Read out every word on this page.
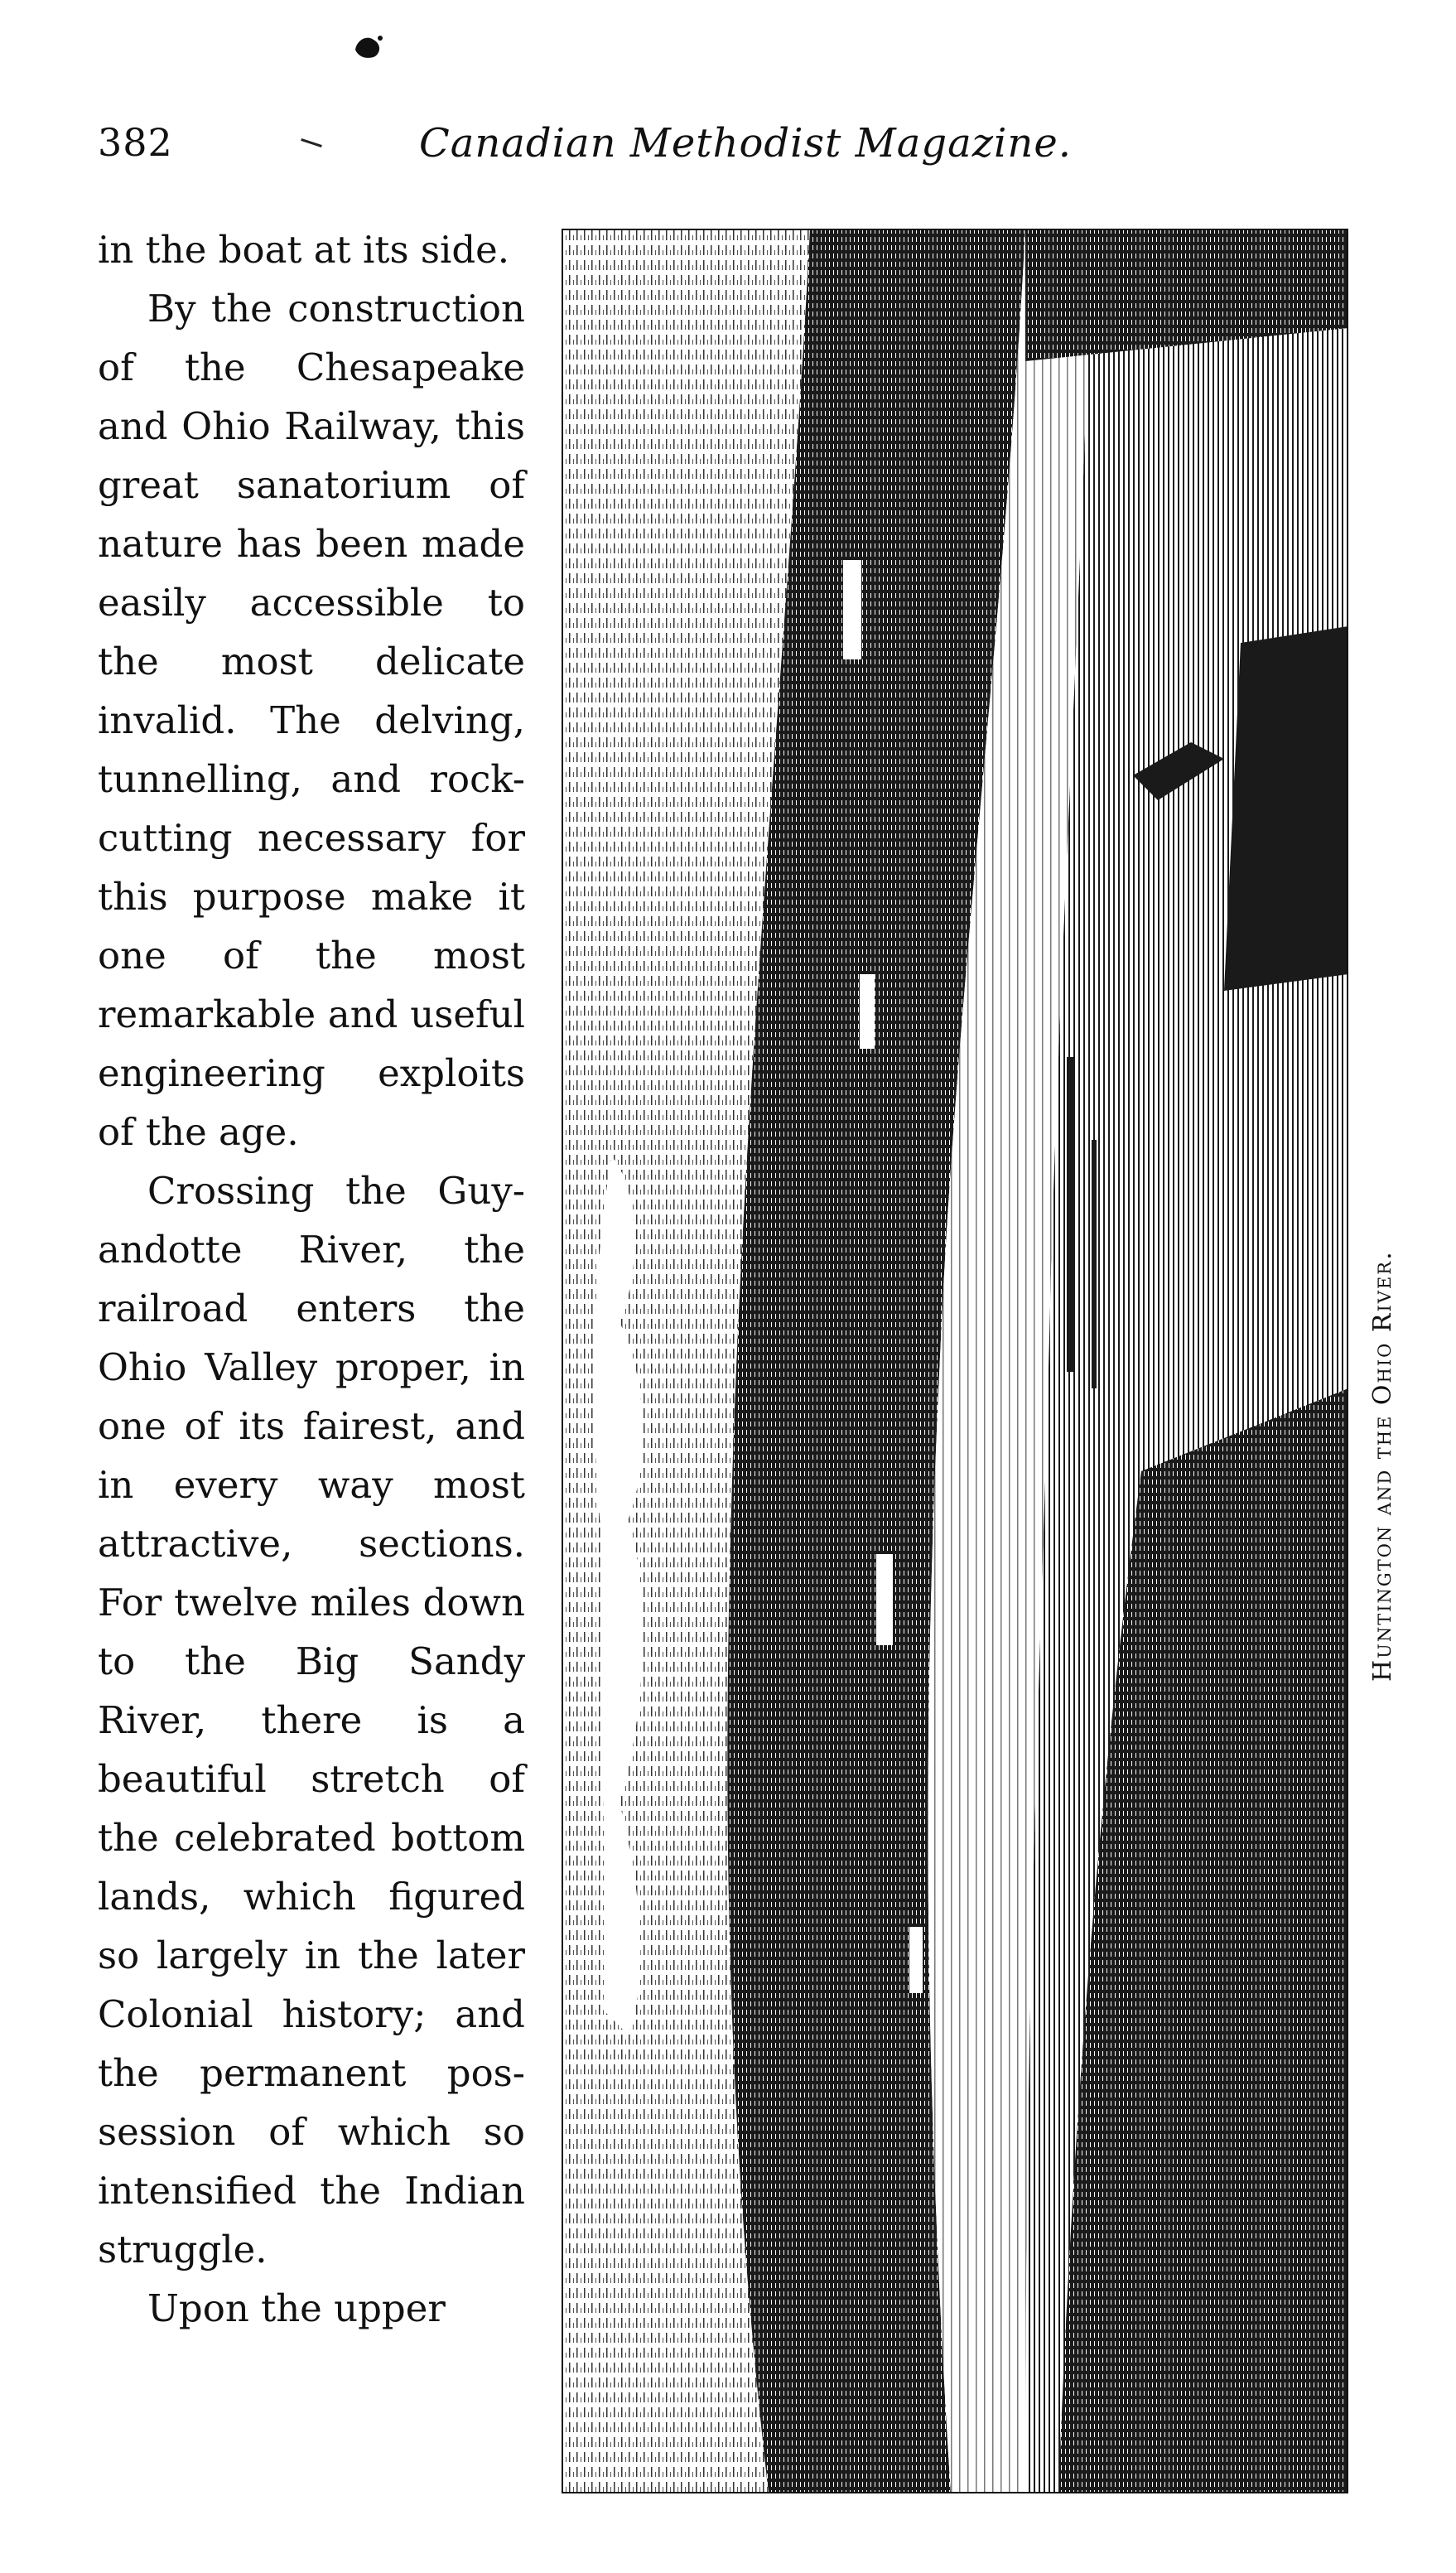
382	Canadian Methodist Magazine.

in the boat at its side.

By the construction of the Chesapeake and Ohio Railway, this great sanatorium of nature has been made easily accessible to the most delicate invalid. The delving, tunnelling, and rock-cutting necessary for this purpose make it one of the most remarkable and useful engineering exploits of the age.

Crossing the Guyandotte River, the railroad enters the Ohio Valley proper, in one of its fairest, and in every way most attractive, sections. For twelve miles down to the Big Sandy River, there is a beautiful stretch of the celebrated bottom lands, which figured so largely in the later Colonial history; and the permanent possession of which so intensified the Indian struggle.

Upon the upper

Huntington and the Ohio River.
